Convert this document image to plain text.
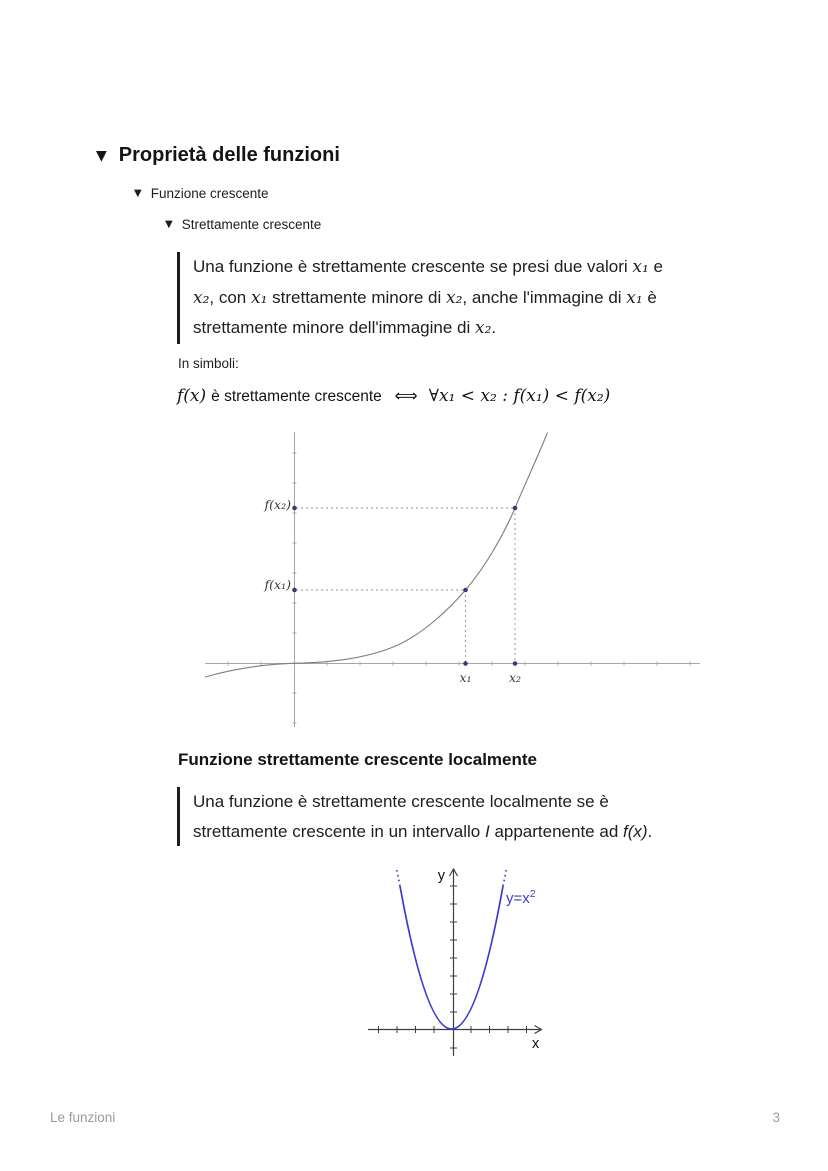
▼ Proprietà delle funzioni
▼ Funzione crescente
▼ Strettamente crescente
Una funzione è strettamente crescente se presi due valori x₁ e x₂, con x₁ strettamente minore di x₂, anche l'immagine di x₁ è strettamente minore dell'immagine di x₂.
In simboli:
f(x) è strettamente crescente ⟺ ∀x₁ < x₂ : f(x₁) < f(x₂)
f(x₂)
f(x₁)
x₁	x₂
Funzione strettamente crescente localmente
Una funzione è strettamente crescente localmente se è strettamente crescente in un intervallo I appartenente ad f(x).
y
x
$y=x^2$
Le funzioni	3
